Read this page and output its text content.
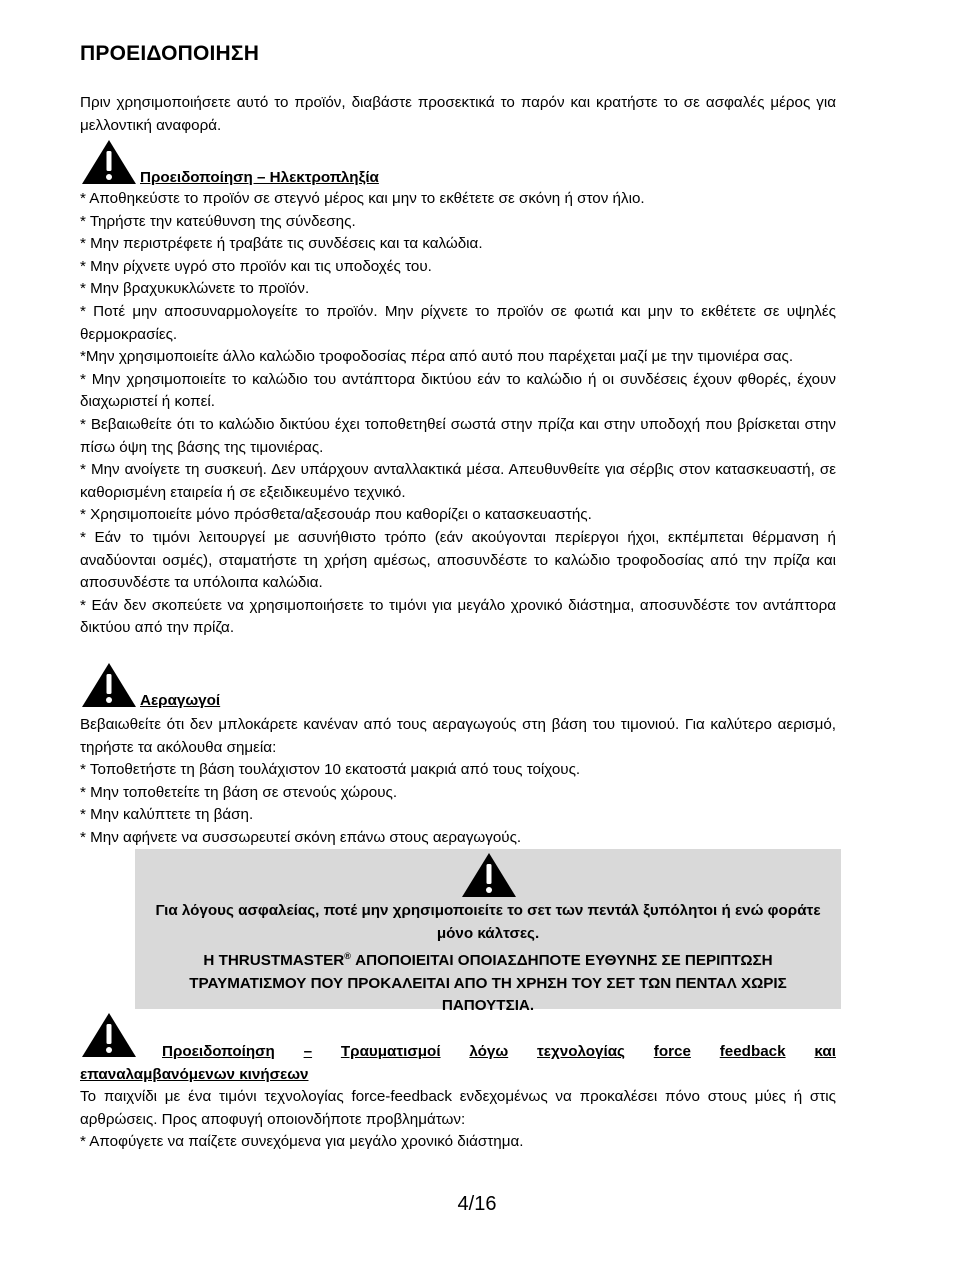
ΠΡΟΕΙΔΟΠΟΙΗΣΗ

Πριν χρησιμοποιήσετε αυτό το προϊόν, διαβάστε προσεκτικά το παρόν και κρατήστε το σε ασφαλές μέρος για μελλοντική αναφορά.

Προειδοποίηση – Ηλεκτροπληξία

* Αποθηκεύστε το προϊόν σε στεγνό μέρος και μην το εκθέτετε σε σκόνη ή στον ήλιο.

* Τηρήστε την κατεύθυνση της σύνδεσης.

* Μην περιστρέφετε ή τραβάτε τις συνδέσεις και τα καλώδια.

* Μην ρίχνετε υγρό στο προϊόν και τις υποδοχές του.

* Μην βραχυκυκλώνετε το προϊόν.

* Ποτέ μην αποσυναρμολογείτε το προϊόν. Μην ρίχνετε το προϊόν σε φωτιά και μην το εκθέτετε σε υψηλές θερμοκρασίες.

*Μην χρησιμοποιείτε άλλο καλώδιο τροφοδοσίας πέρα από αυτό που παρέχεται μαζί με την τιμονιέρα σας.

* Μην χρησιμοποιείτε το καλώδιο του αντάπτορα δικτύου εάν το καλώδιο ή οι συνδέσεις έχουν φθορές, έχουν διαχωριστεί ή κοπεί.

* Βεβαιωθείτε ότι το καλώδιο δικτύου έχει τοποθετηθεί σωστά στην πρίζα και στην υποδοχή που βρίσκεται στην πίσω όψη της βάσης της τιμονιέρας.

* Μην ανοίγετε τη συσκευή. Δεν υπάρχουν ανταλλακτικά μέσα. Απευθυνθείτε για σέρβις στον κατασκευαστή, σε καθορισμένη εταιρεία ή σε εξειδικευμένο τεχνικό.

* Χρησιμοποιείτε μόνο πρόσθετα/αξεσουάρ που καθορίζει ο κατασκευαστής.

* Εάν το τιμόνι λειτουργεί με ασυνήθιστο τρόπο (εάν ακούγονται περίεργοι ήχοι, εκπέμπεται θέρμανση ή αναδύονται οσμές), σταματήστε τη χρήση αμέσως, αποσυνδέστε το καλώδιο τροφοδοσίας από την πρίζα και αποσυνδέστε τα υπόλοιπα καλώδια.

* Εάν δεν σκοπεύετε να χρησιμοποιήσετε το τιμόνι για μεγάλο χρονικό διάστημα, αποσυνδέστε τον αντάπτορα δικτύου από την πρίζα.

Αεραγωγοί

Βεβαιωθείτε ότι δεν μπλοκάρετε κανέναν από τους αεραγωγούς στη βάση του τιμονιού. Για καλύτερο αερισμό, τηρήστε τα ακόλουθα σημεία:

* Τοποθετήστε τη βάση τουλάχιστον 10 εκατοστά μακριά από τους τοίχους.

* Μην τοποθετείτε τη βάση σε στενούς χώρους.

* Μην καλύπτετε τη βάση.

* Μην αφήνετε να συσσωρευτεί σκόνη επάνω στους αεραγωγούς.

Για λόγους ασφαλείας, ποτέ μην χρησιμοποιείτε το σετ των πεντάλ ξυπόλητοι ή ενώ φοράτε μόνο κάλτσες.

Η THRUSTMASTER® ΑΠΟΠΟΙΕΙΤΑΙ ΟΠΟΙΑΣΔΗΠΟΤΕ ΕΥΘΥΝΗΣ ΣΕ ΠΕΡΙΠΤΩΣΗ ΤΡΑΥΜΑΤΙΣΜΟΥ ΠΟΥ ΠΡΟΚΑΛΕΙΤΑΙ ΑΠΟ ΤΗ ΧΡΗΣΗ ΤΟΥ ΣΕΤ ΤΩΝ ΠΕΝΤΑΛ ΧΩΡΙΣ ΠΑΠΟΥΤΣΙΑ.

Προειδοποίηση – Τραυματισμοί λόγω τεχνολογίας force feedback και
επαναλαμβανόμενων κινήσεων

Το παιχνίδι με ένα τιμόνι τεχνολογίας force-feedback ενδεχομένως να προκαλέσει πόνο στους μύες ή στις αρθρώσεις. Προς αποφυγή οποιονδήποτε προβλημάτων:

* Αποφύγετε να παίζετε συνεχόμενα για μεγάλο χρονικό διάστημα.

4/16
